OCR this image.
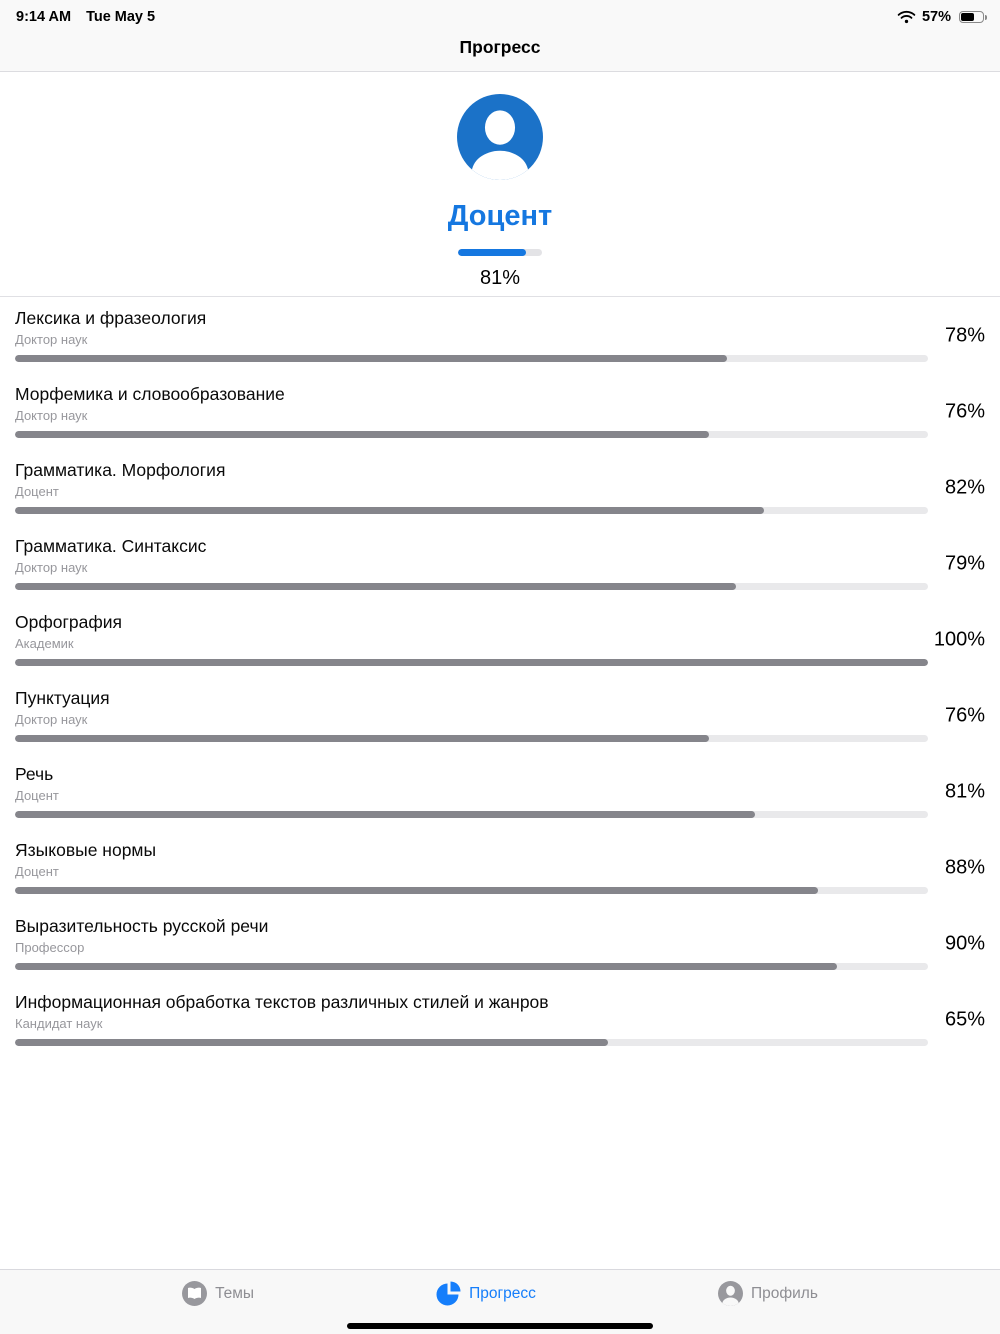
9:14 AM Tue May 5	57%
Прогресс
Доцент
81%
Лексика и фразеология
Доктор наук	78%
Морфемика и словообразование
Доктор наук	76%
Грамматика. Морфология
Доцент	82%
Грамматика. Синтаксис
Доктор наук	79%
Орфография
Академик	100%
Пунктуация
Доктор наук	76%
Речь
Доцент	81%
Языковые нормы
Доцент	88%
Выразительность русской речи
Профессор	90%
Информационная обработка текстов различных стилей и жанров
Кандидат наук	65%
Темы	Прогресс	Профиль
